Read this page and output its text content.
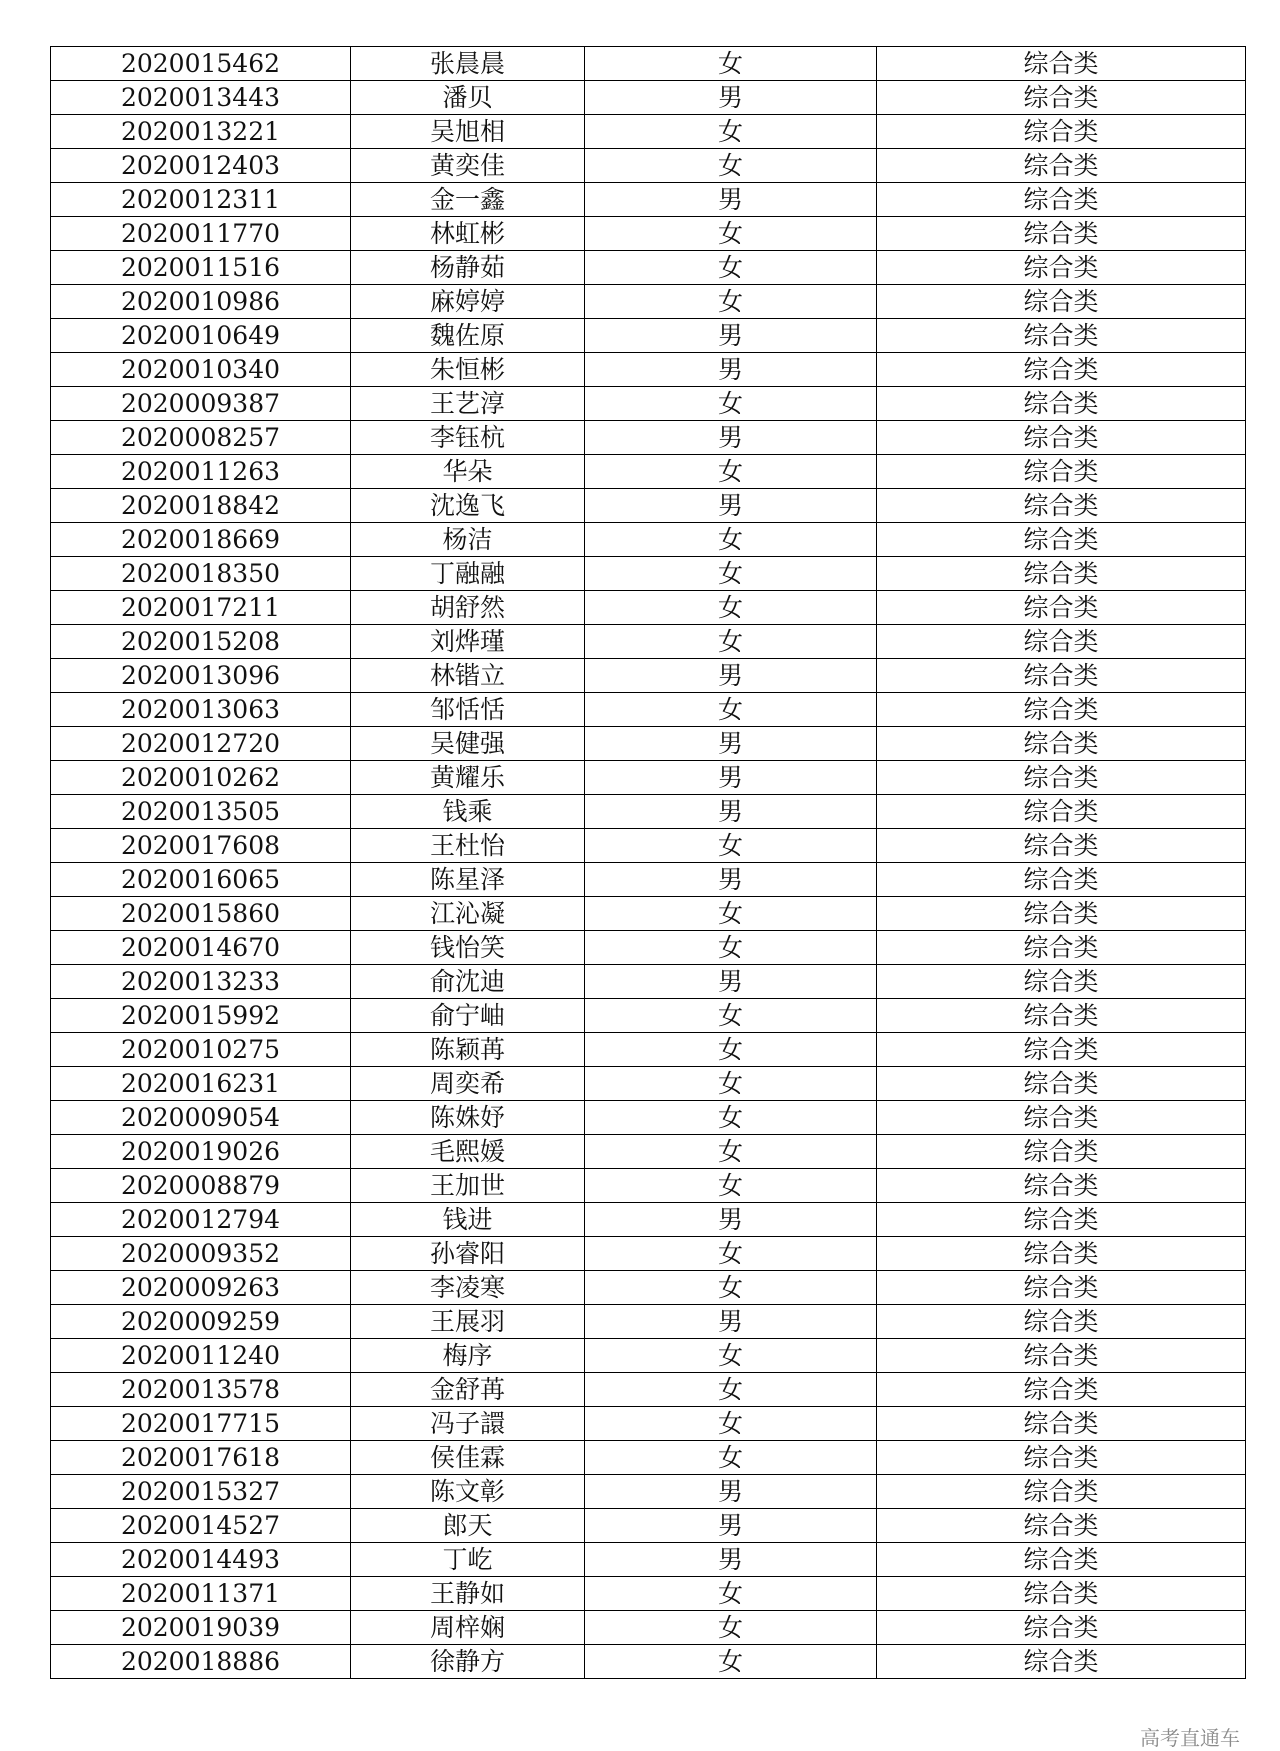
2020015462	张晨晨	女	综合类
2020013443	潘贝	男	综合类
2020013221	吴旭相	女	综合类
2020012403	黄奕佳	女	综合类
2020012311	金一鑫	男	综合类
2020011770	林虹彬	女	综合类
2020011516	杨静茹	女	综合类
2020010986	麻婷婷	女	综合类
2020010649	魏佐原	男	综合类
2020010340	朱恒彬	男	综合类
2020009387	王艺淳	女	综合类
2020008257	李钰杭	男	综合类
2020011263	华朵	女	综合类
2020018842	沈逸飞	男	综合类
2020018669	杨洁	女	综合类
2020018350	丁融融	女	综合类
2020017211	胡舒然	女	综合类
2020015208	刘烨瑾	女	综合类
2020013096	林锴立	男	综合类
2020013063	邹恬恬	女	综合类
2020012720	吴健强	男	综合类
2020010262	黄耀乐	男	综合类
2020013505	钱乘	男	综合类
2020017608	王杜怡	女	综合类
2020016065	陈星泽	男	综合类
2020015860	江沁凝	女	综合类
2020014670	钱怡笑	女	综合类
2020013233	俞沈迪	男	综合类
2020015992	俞宁岫	女	综合类
2020010275	陈颖苒	女	综合类
2020016231	周奕希	女	综合类
2020009054	陈姝妤	女	综合类
2020019026	毛熙媛	女	综合类
2020008879	王加世	女	综合类
2020012794	钱进	男	综合类
2020009352	孙睿阳	女	综合类
2020009263	李凌寒	女	综合类
2020009259	王展羽	男	综合类
2020011240	梅序	女	综合类
2020013578	金舒苒	女	综合类
2020017715	冯子譞	女	综合类
2020017618	侯佳霖	女	综合类
2020015327	陈文彰	男	综合类
2020014527	郎天	男	综合类
2020014493	丁屹	男	综合类
2020011371	王静如	女	综合类
2020019039	周梓娴	女	综合类
2020018886	徐静方	女	综合类
高考直通车
